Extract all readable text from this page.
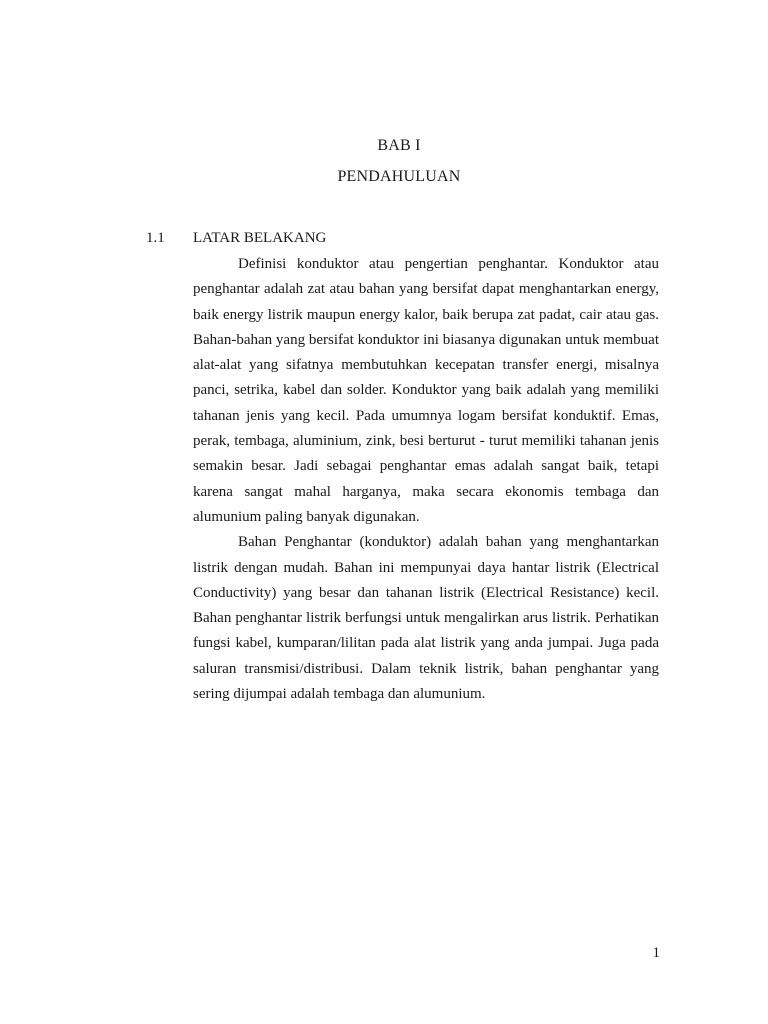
BAB I
PENDAHULUAN
1.1 LATAR BELAKANG

Definisi konduktor atau pengertian penghantar. Konduktor atau penghantar adalah zat atau bahan yang bersifat dapat menghantarkan energy, baik energy listrik maupun energy kalor, baik berupa zat padat, cair atau gas. Bahan-bahan yang bersifat konduktor ini biasanya digunakan untuk membuat alat-alat yang sifatnya membutuhkan kecepatan transfer energi, misalnya panci, setrika, kabel dan solder. Konduktor yang baik adalah yang memiliki tahanan jenis yang kecil. Pada umumnya logam bersifat konduktif. Emas, perak, tembaga, aluminium, zink, besi berturut - turut memiliki tahanan jenis semakin besar. Jadi sebagai penghantar emas adalah sangat baik, tetapi karena sangat mahal harganya, maka secara ekonomis tembaga dan alumunium paling banyak digunakan.

Bahan Penghantar (konduktor) adalah bahan yang menghantarkan listrik dengan mudah. Bahan ini mempunyai daya hantar listrik (Electrical Conductivity) yang besar dan tahanan listrik (Electrical Resistance) kecil. Bahan penghantar listrik berfungsi untuk mengalirkan arus listrik. Perhatikan fungsi kabel, kumparan/lilitan pada alat listrik yang anda jumpai. Juga pada saluran transmisi/distribusi. Dalam teknik listrik, bahan penghantar yang sering dijumpai adalah tembaga dan alumunium.

1
